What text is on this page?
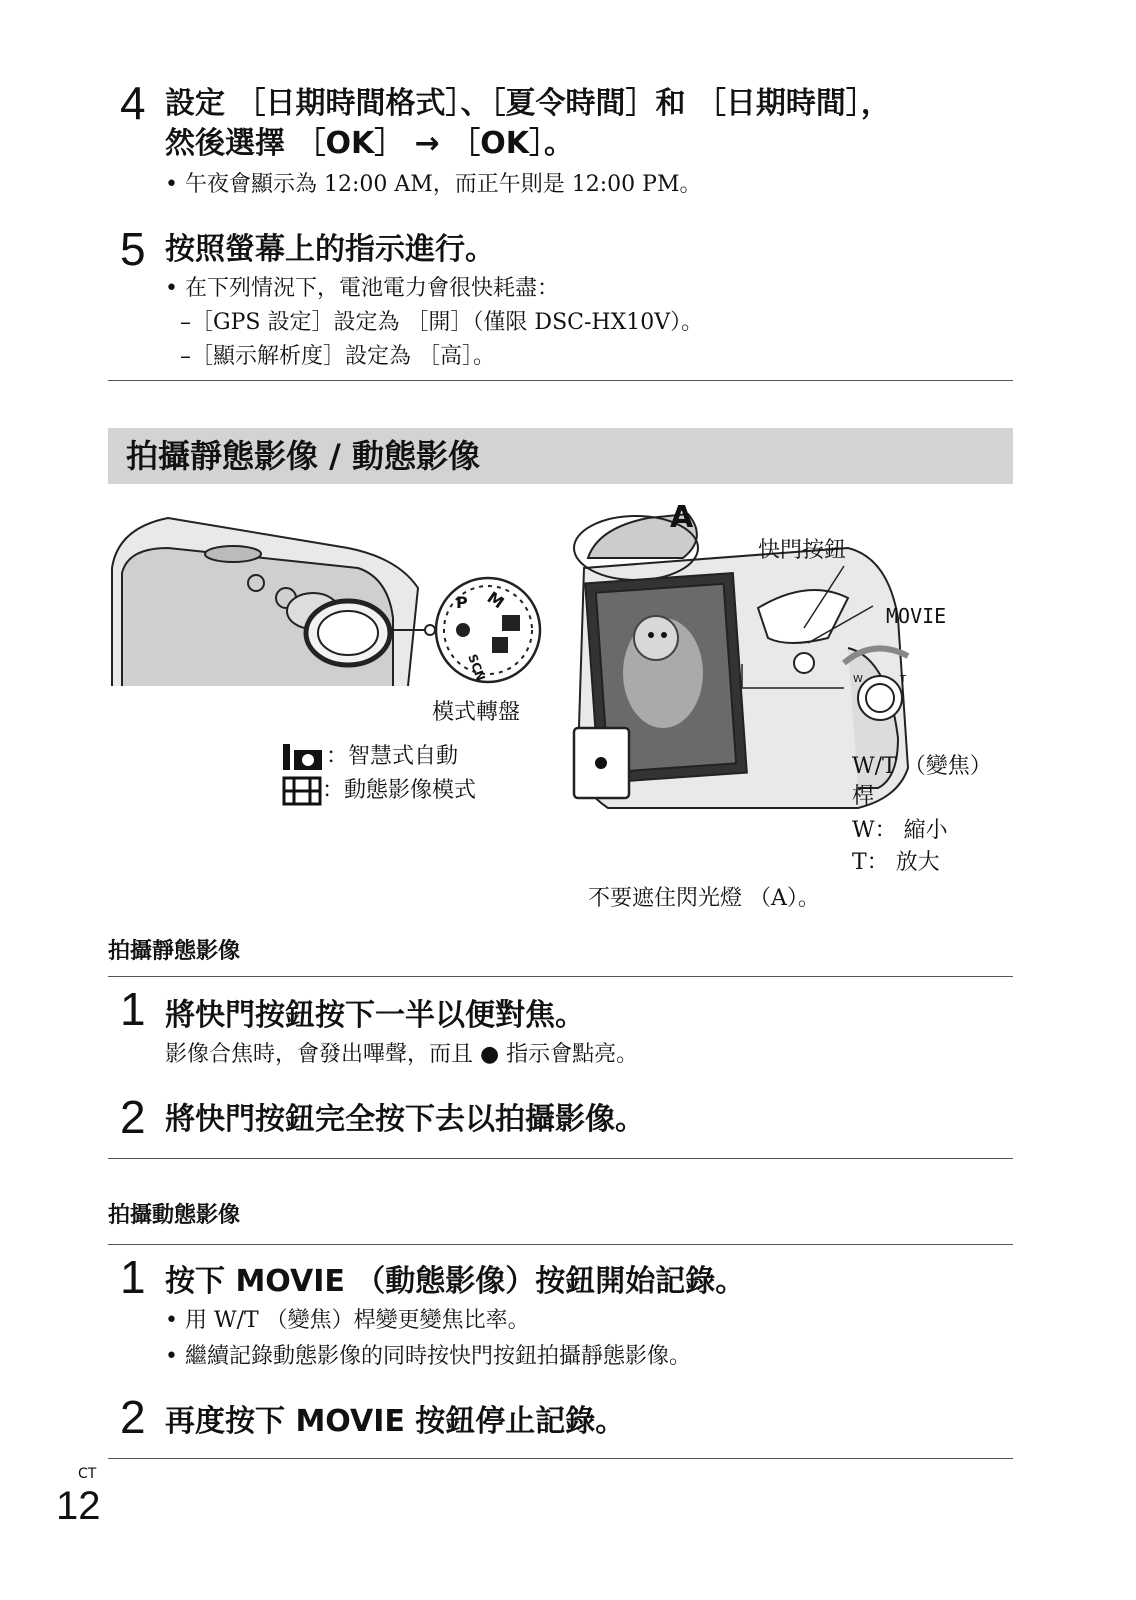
4 設定 ［日期時間格式］、［夏令時間］和 ［日期時間］，
然後選擇 ［OK］ → ［OK］。
• 午夜會顯示為 12:00 AM，而正午則是 12:00 PM。
5 按照螢幕上的指示進行。
• 在下列情況下，電池電力會很快耗盡：
–［GPS 設定］設定為 ［開］（僅限 DSC-HX10V）。
–［顯示解析度］設定為 ［高］。
拍攝靜態影像 / 動態影像
P M
SCN	W	T
模式轉盤
：智慧式自動
：動態影像模式
A
快門按鈕
MOVIE
W/T （變焦）
桿
W： 縮小
T： 放大
不要遮住閃光燈 （A）。
拍攝靜態影像
1 將快門按鈕按下一半以便對焦。
影像合焦時，會發出嗶聲，而且 ● 指示會點亮。
2 將快門按鈕完全按下去以拍攝影像。
拍攝動態影像
1 按下 MOVIE （動態影像）按鈕開始記錄。
• 用 W/T （變焦）桿變更變焦比率。
• 繼續記錄動態影像的同時按快門按鈕拍攝靜態影像。
2 再度按下 MOVIE 按鈕停止記錄。
CT
12
